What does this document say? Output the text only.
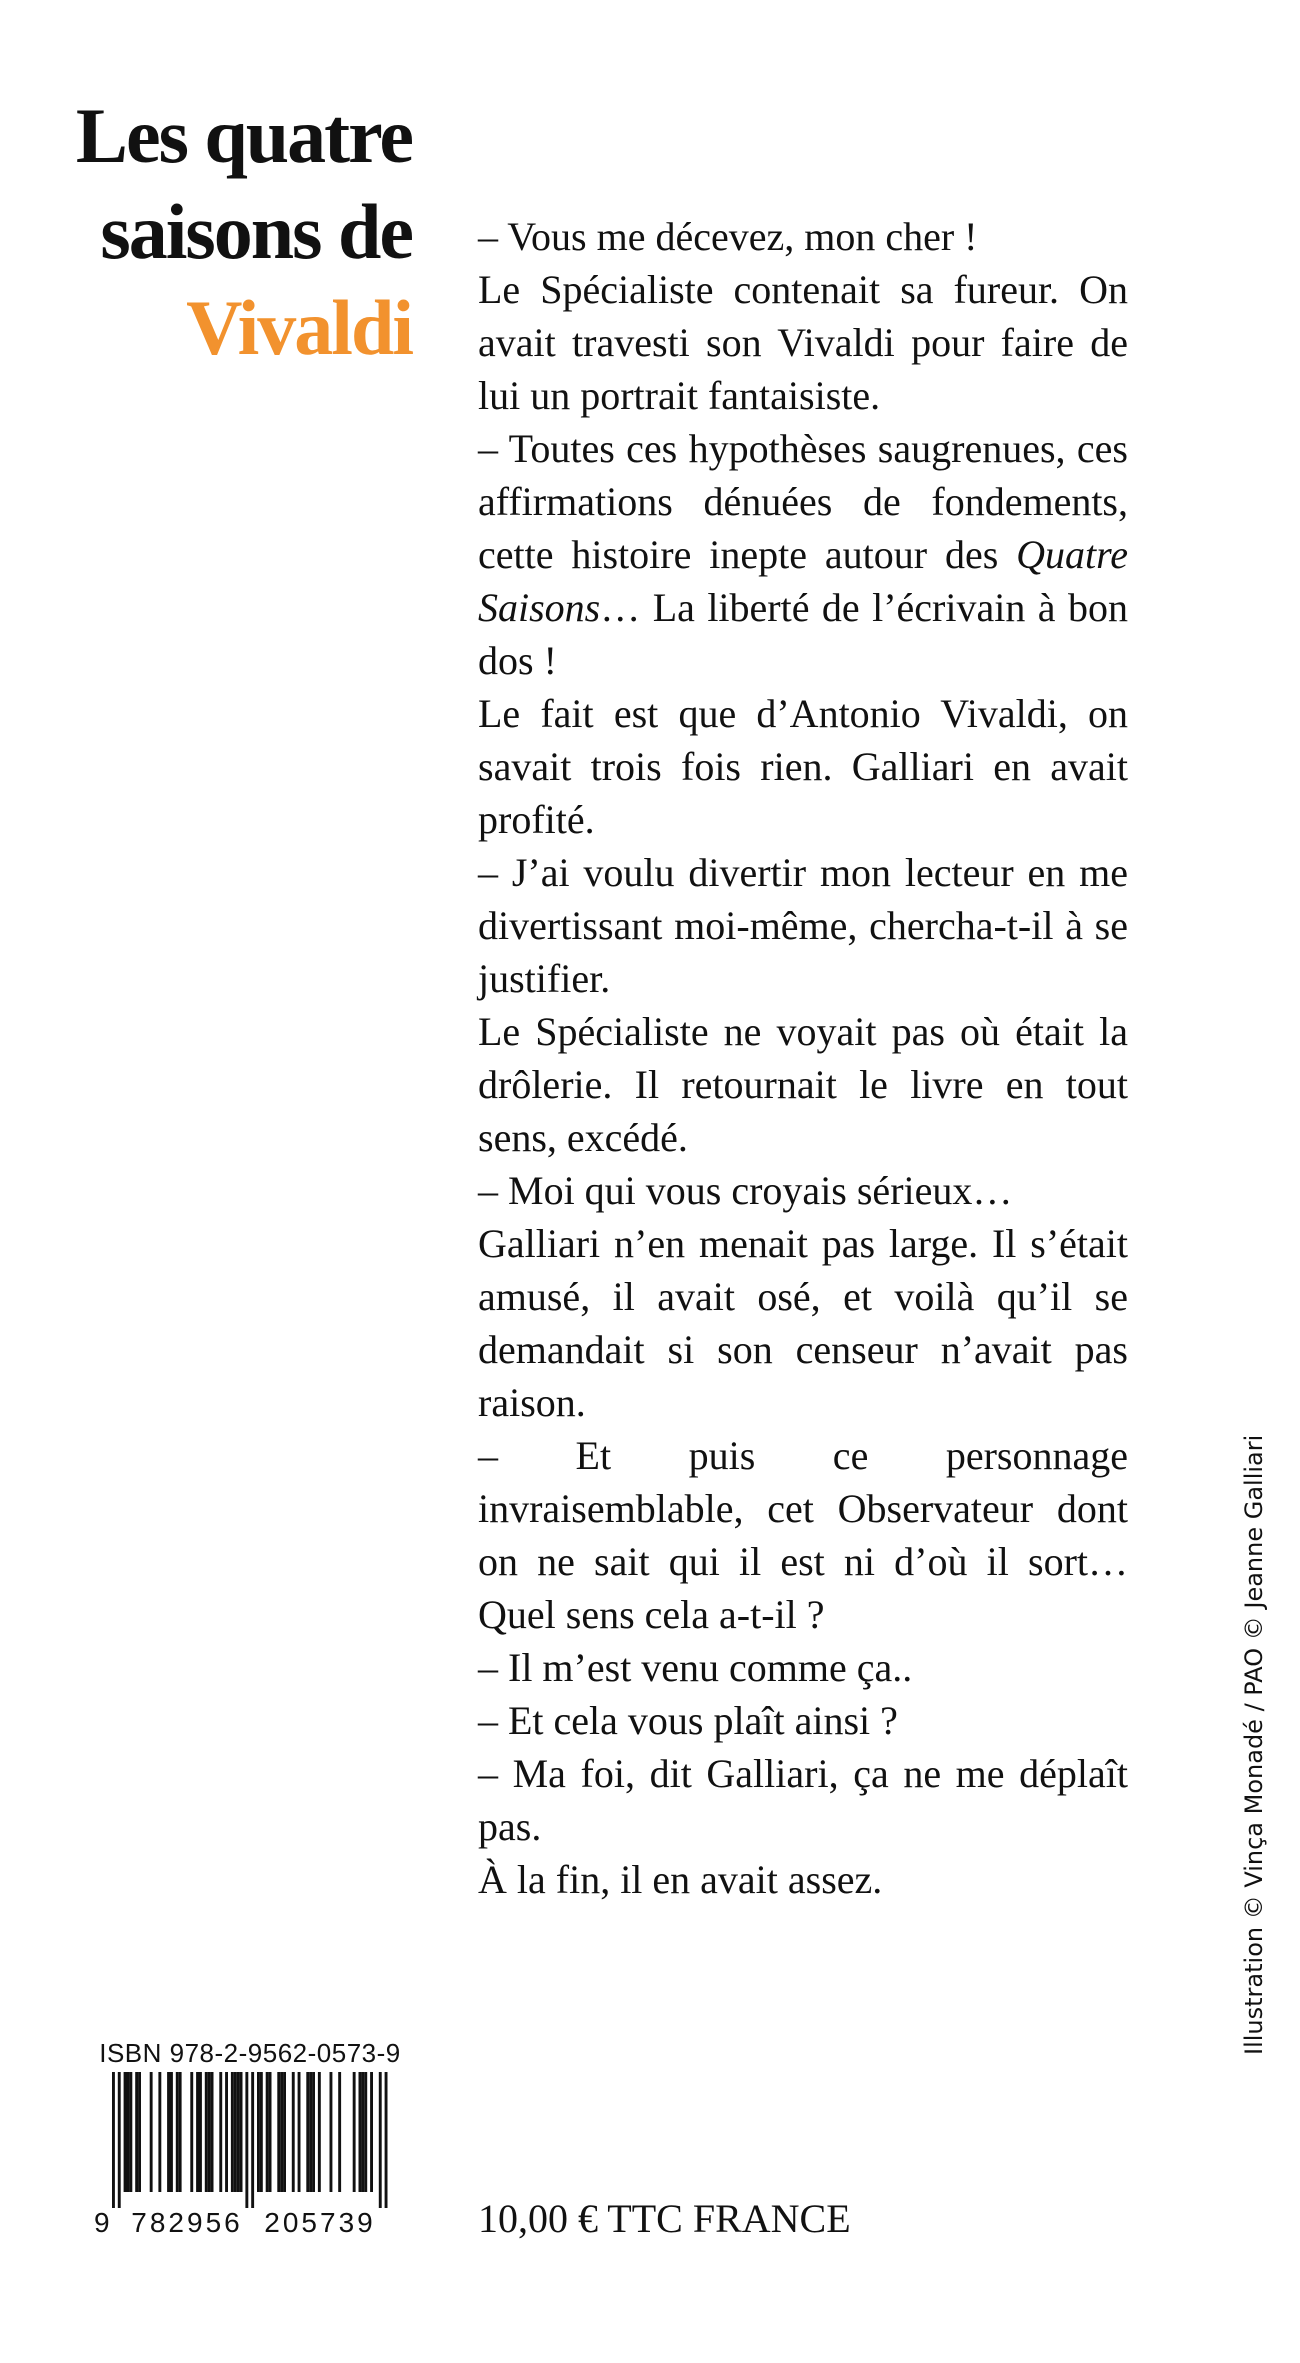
Les quatre
saisons de
Vivaldi

– Vous me décevez, mon cher !

Le Spécialiste contenait sa fureur. On avait travesti son Vivaldi pour faire de lui un portrait fantaisiste.

– Toutes ces hypothèses saugrenues, ces affirmations dénuées de fondements, cette histoire inepte autour des Quatre Saisons… La liberté de l’écrivain à bon dos !

Le fait est que d’Antonio Vivaldi, on savait trois fois rien. Galliari en avait profité.

– J’ai voulu divertir mon lecteur en me divertissant moi-même, chercha-t-il à se justifier.

Le Spécialiste ne voyait pas où était la drôlerie. Il retournait le livre en tout sens, excédé.

– Moi qui vous croyais sérieux…

Galliari n’en menait pas large. Il s’était amusé, il avait osé, et voilà qu’il se demandait si son censeur n’avait pas raison.

– Et puis ce personnage invraisemblable, cet Observateur dont on ne sait qui il est ni d’où il sort… Quel sens cela a-t-il ?

– Il m’est venu comme ça..

– Et cela vous plaît ainsi ?

– Ma foi, dit Galliari, ça ne me déplaît pas.

À la fin, il en avait assez.	Illustration © Vinça Monadé / PAO © Jeanne Galliari
ISBN 978-2-9562-0573-9
9 782956 205739	10,00 € TTC FRANCE
